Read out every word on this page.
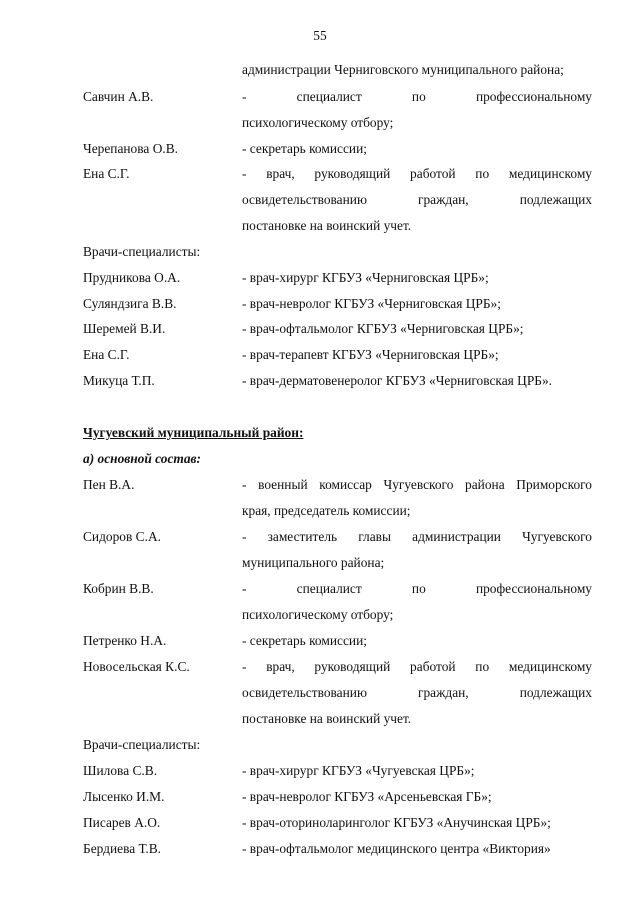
55
администрации Черниговского муниципального района;
Савчин А.В.	- специалист по профессиональному
психологическому отбору;
Черепанова О.В.	- секретарь комиссии;
Ена С.Г.	- врач, руководящий работой по медицинскому
освидетельствованию граждан, подлежащих
постановке на воинский учет.
Врачи-специалисты:
Прудникова О.А.	- врач-хирург КГБУЗ «Черниговская ЦРБ»;
Суляндзига В.В.	- врач-невролог КГБУЗ «Черниговская ЦРБ»;
Шеремей В.И.	- врач-офтальмолог КГБУЗ «Черниговская ЦРБ»;
Ена С.Г.	- врач-терапевт КГБУЗ «Черниговская ЦРБ»;
Микуца Т.П.	- врач-дерматовенеролог КГБУЗ «Черниговская ЦРБ».
Чугуевский муниципальный район:
а) основной состав:
Пен В.А.	- военный комиссар Чугуевского района Приморского
края, председатель комиссии;
Сидоров С.А.	- заместитель главы администрации Чугуевского
муниципального района;
Кобрин В.В.	- специалист по профессиональному
психологическому отбору;
Петренко Н.А.	- секретарь комиссии;
Новосельская К.С.	- врач, руководящий работой по медицинскому
освидетельствованию граждан, подлежащих
постановке на воинский учет.
Врачи-специалисты:
Шилова С.В.	- врач-хирург КГБУЗ «Чугуевская ЦРБ»;
Лысенко И.М.	- врач-невролог КГБУЗ «Арсеньевская ГБ»;
Писарев А.О.	- врач-оториноларинголог КГБУЗ «Анучинская ЦРБ»;
Бердиева Т.В.	- врач-офтальмолог медицинского центра «Виктория»
